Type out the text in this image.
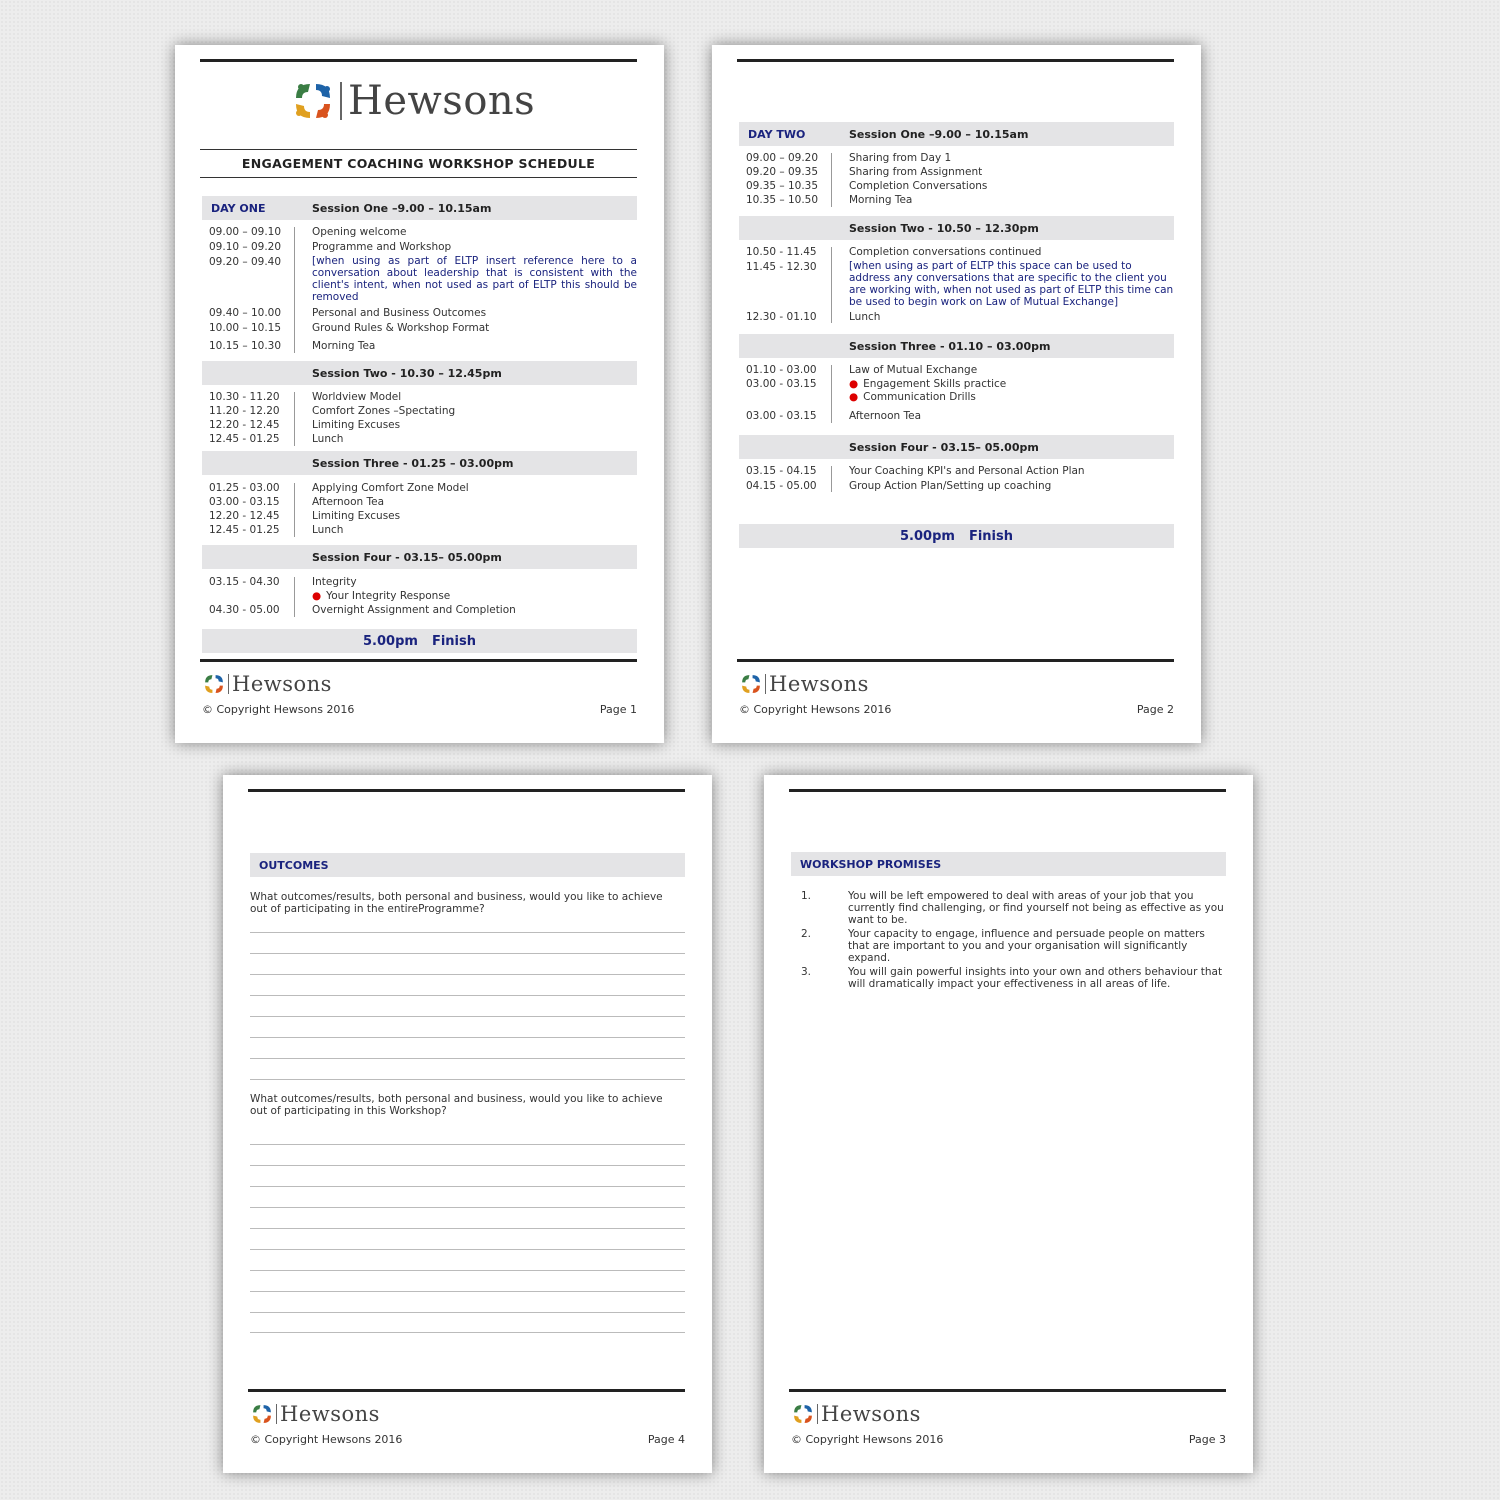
Hewsons
ENGAGEMENT COACHING WORKSHOP SCHEDULE
DAY ONE	Session One –9.00 – 10.15am
09.00 – 09.10	Opening welcome
09.10 – 09.20	Programme and Workshop
09.20 – 09.40	[when using as part of ELTP insert reference here to a conversation about leadership that is consistent with the client's intent, when not used as part of ELTP this should be removed
09.40 – 10.00	Personal and Business Outcomes
10.00 – 10.15	Ground Rules & Workshop Format
10.15 – 10.30	Morning Tea
Session Two - 10.30 – 12.45pm
10.30 - 11.20	Worldview Model
11.20 - 12.20	Comfort Zones –Spectating
12.20 - 12.45	Limiting Excuses
12.45 - 01.25	Lunch
Session Three - 01.25 – 03.00pm
01.25 - 03.00	Applying Comfort Zone Model
03.00 - 03.15	Afternoon Tea
12.20 - 12.45	Limiting Excuses
12.45 - 01.25	Lunch
Session Four - 03.15– 05.00pm
03.15 - 04.30	Integrity
● Your Integrity Response
04.30 - 05.00	Overnight Assignment and Completion
5.00pm Finish
Hewsons
© Copyright Hewsons 2016	Page 1
DAY TWO	Session One –9.00 – 10.15am
09.00 – 09.20	Sharing from Day 1
09.20 – 09.35	Sharing from Assignment
09.35 – 10.35	Completion Conversations
10.35 – 10.50	Morning Tea
Session Two - 10.50 – 12.30pm
10.50 - 11.45	Completion conversations continued
11.45 - 12.30	[when using as part of ELTP this space can be used to address any conversations that are specific to the client you are working with, when not used as part of ELTP this time can be used to begin work on Law of Mutual Exchange]
12.30 - 01.10	Lunch
Session Three - 01.10 – 03.00pm
01.10 - 03.00	Law of Mutual Exchange
03.00 - 03.15	● Engagement Skills practice
● Communication Drills
03.00 - 03.15	Afternoon Tea
Session Four - 03.15– 05.00pm
03.15 - 04.15	Your Coaching KPI's and Personal Action Plan
04.15 - 05.00	Group Action Plan/Setting up coaching
5.00pm Finish
Hewsons
© Copyright Hewsons 2016	Page 2
OUTCOMES
What outcomes/results, both personal and business, would you like to achieve out of participating in the entireProgramme?
What outcomes/results, both personal and business, would you like to achieve out of participating in this Workshop?
Hewsons
© Copyright Hewsons 2016	Page 4
WORKSHOP PROMISES
1.	You will be left empowered to deal with areas of your job that you currently find challenging, or find yourself not being as effective as you want to be.
2.	Your capacity to engage, influence and persuade people on matters that are important to you and your organisation will significantly expand.
3.	You will gain powerful insights into your own and others behaviour that will dramatically impact your effectiveness in all areas of life.
Hewsons
© Copyright Hewsons 2016	Page 3
